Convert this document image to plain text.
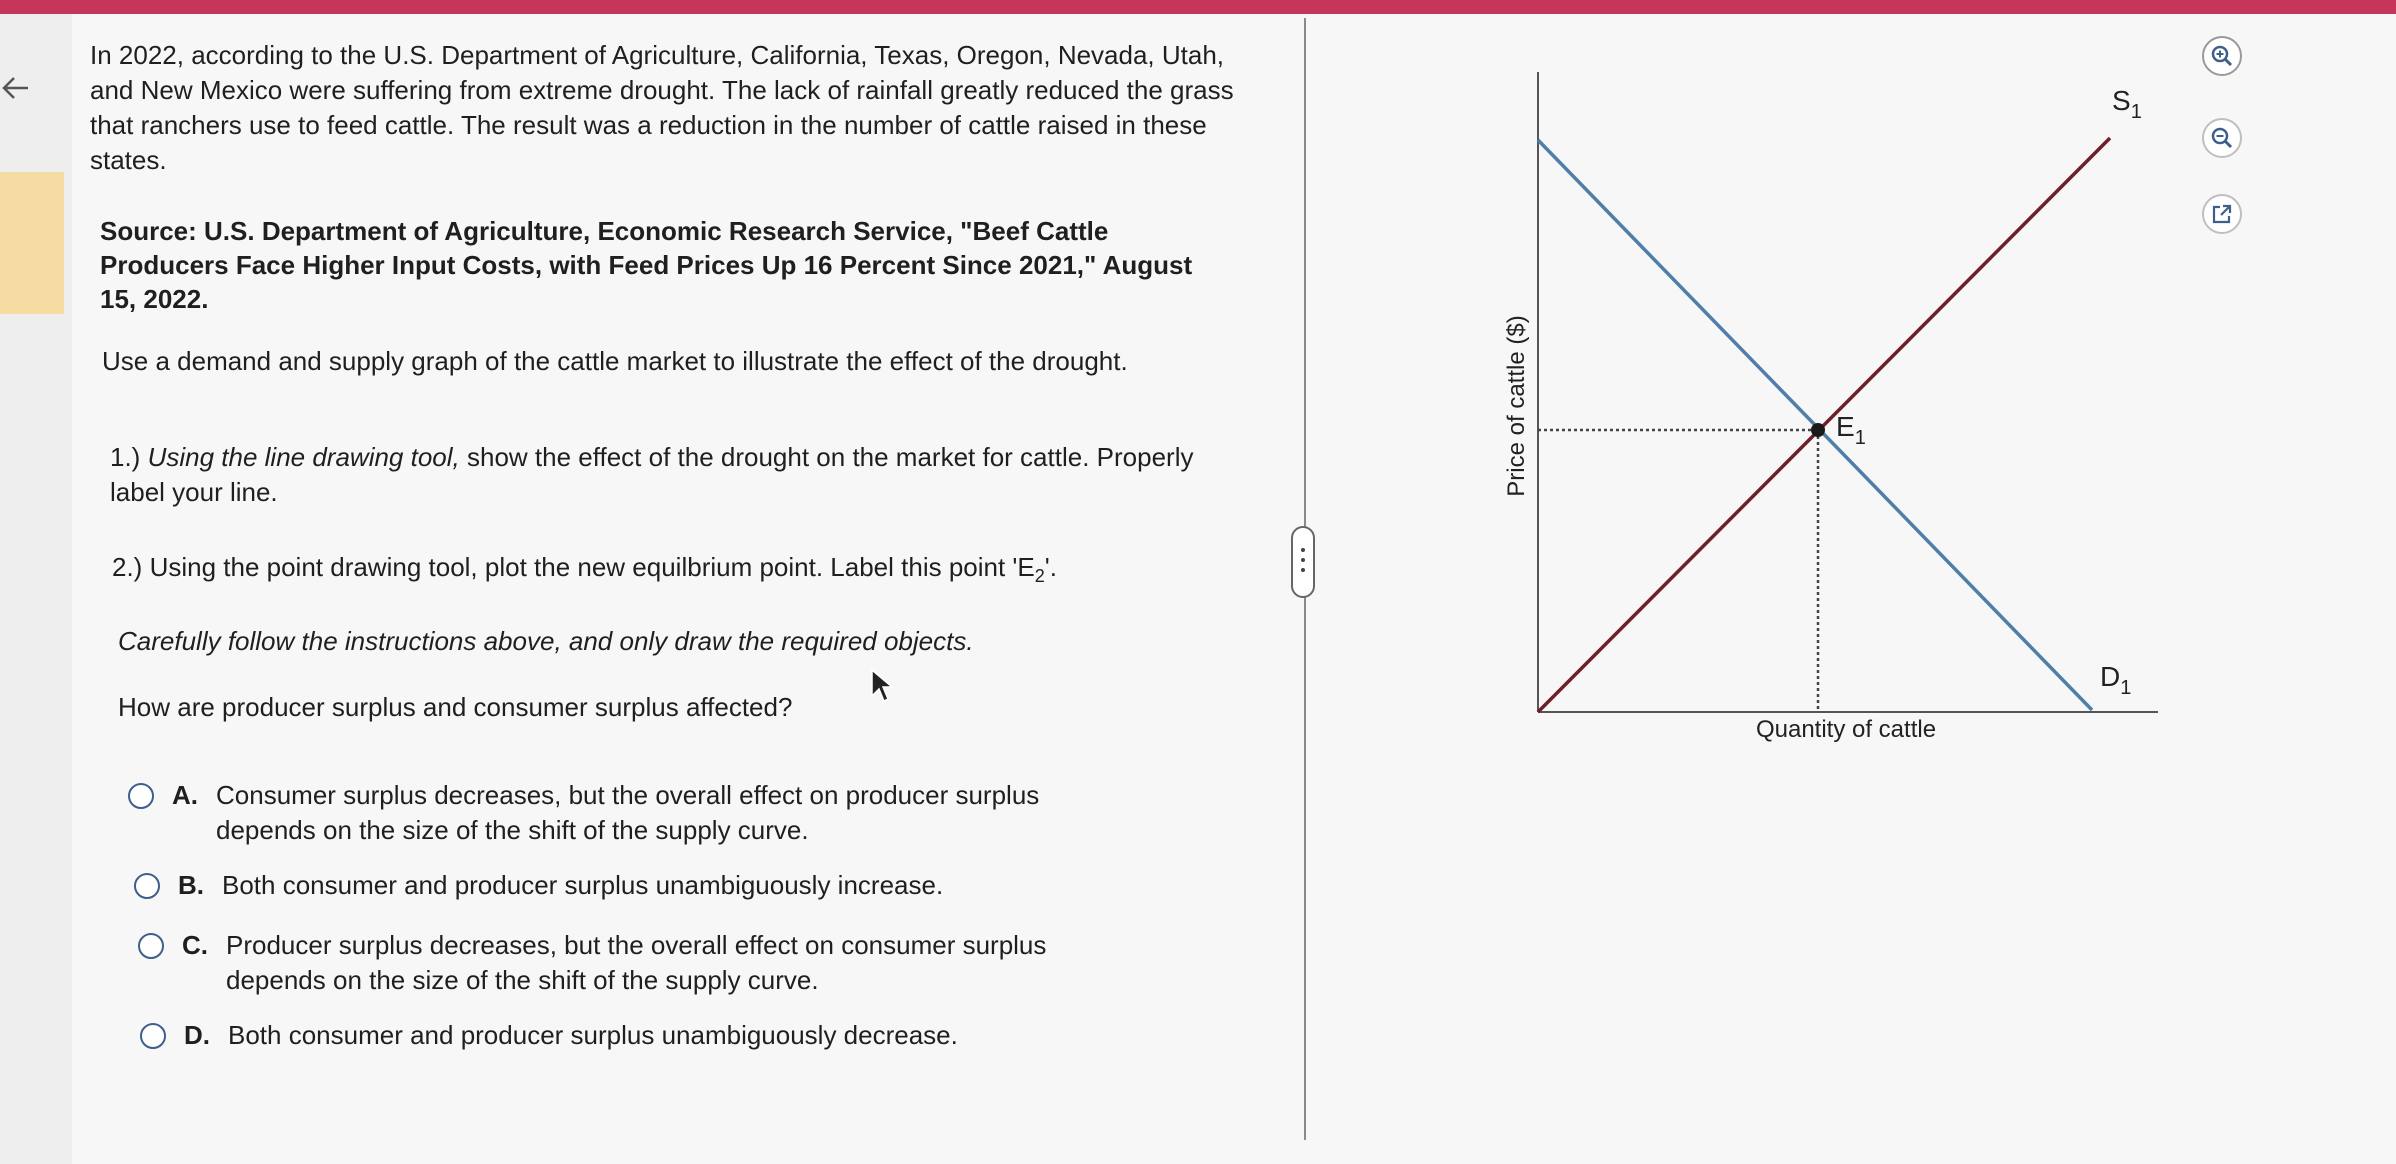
In 2022, according to the U.S. Department of Agriculture, California, Texas, Oregon, Nevada, Utah, and New Mexico were suffering from extreme drought. The lack of rainfall greatly reduced the grass that ranchers use to feed cattle. The result was a reduction in the number of cattle raised in these states.
Source: U.S. Department of Agriculture, Economic Research Service, "Beef Cattle Producers Face Higher Input Costs, with Feed Prices Up 16 Percent Since 2021," August 15, 2022.
Use a demand and supply graph of the cattle market to illustrate the effect of the drought.
1.) Using the line drawing tool, show the effect of the drought on the market for cattle. Properly label your line.
2.) Using the point drawing tool, plot the new equilbrium point. Label this point '$E_2$'.
Carefully follow the instructions above, and only draw the required objects.
How are producer surplus and consumer surplus affected?
A. Consumer surplus decreases, but the overall effect on producer surplus depends on the size of the shift of the supply curve.
B. Both consumer and producer surplus unambiguously increase.
C. Producer surplus decreases, but the overall effect on consumer surplus depends on the size of the shift of the supply curve.
D. Both consumer and producer surplus unambiguously decrease.
$E_1$
$S_1$
$D_1$
Quantity of cattle
Price of cattle ($)
